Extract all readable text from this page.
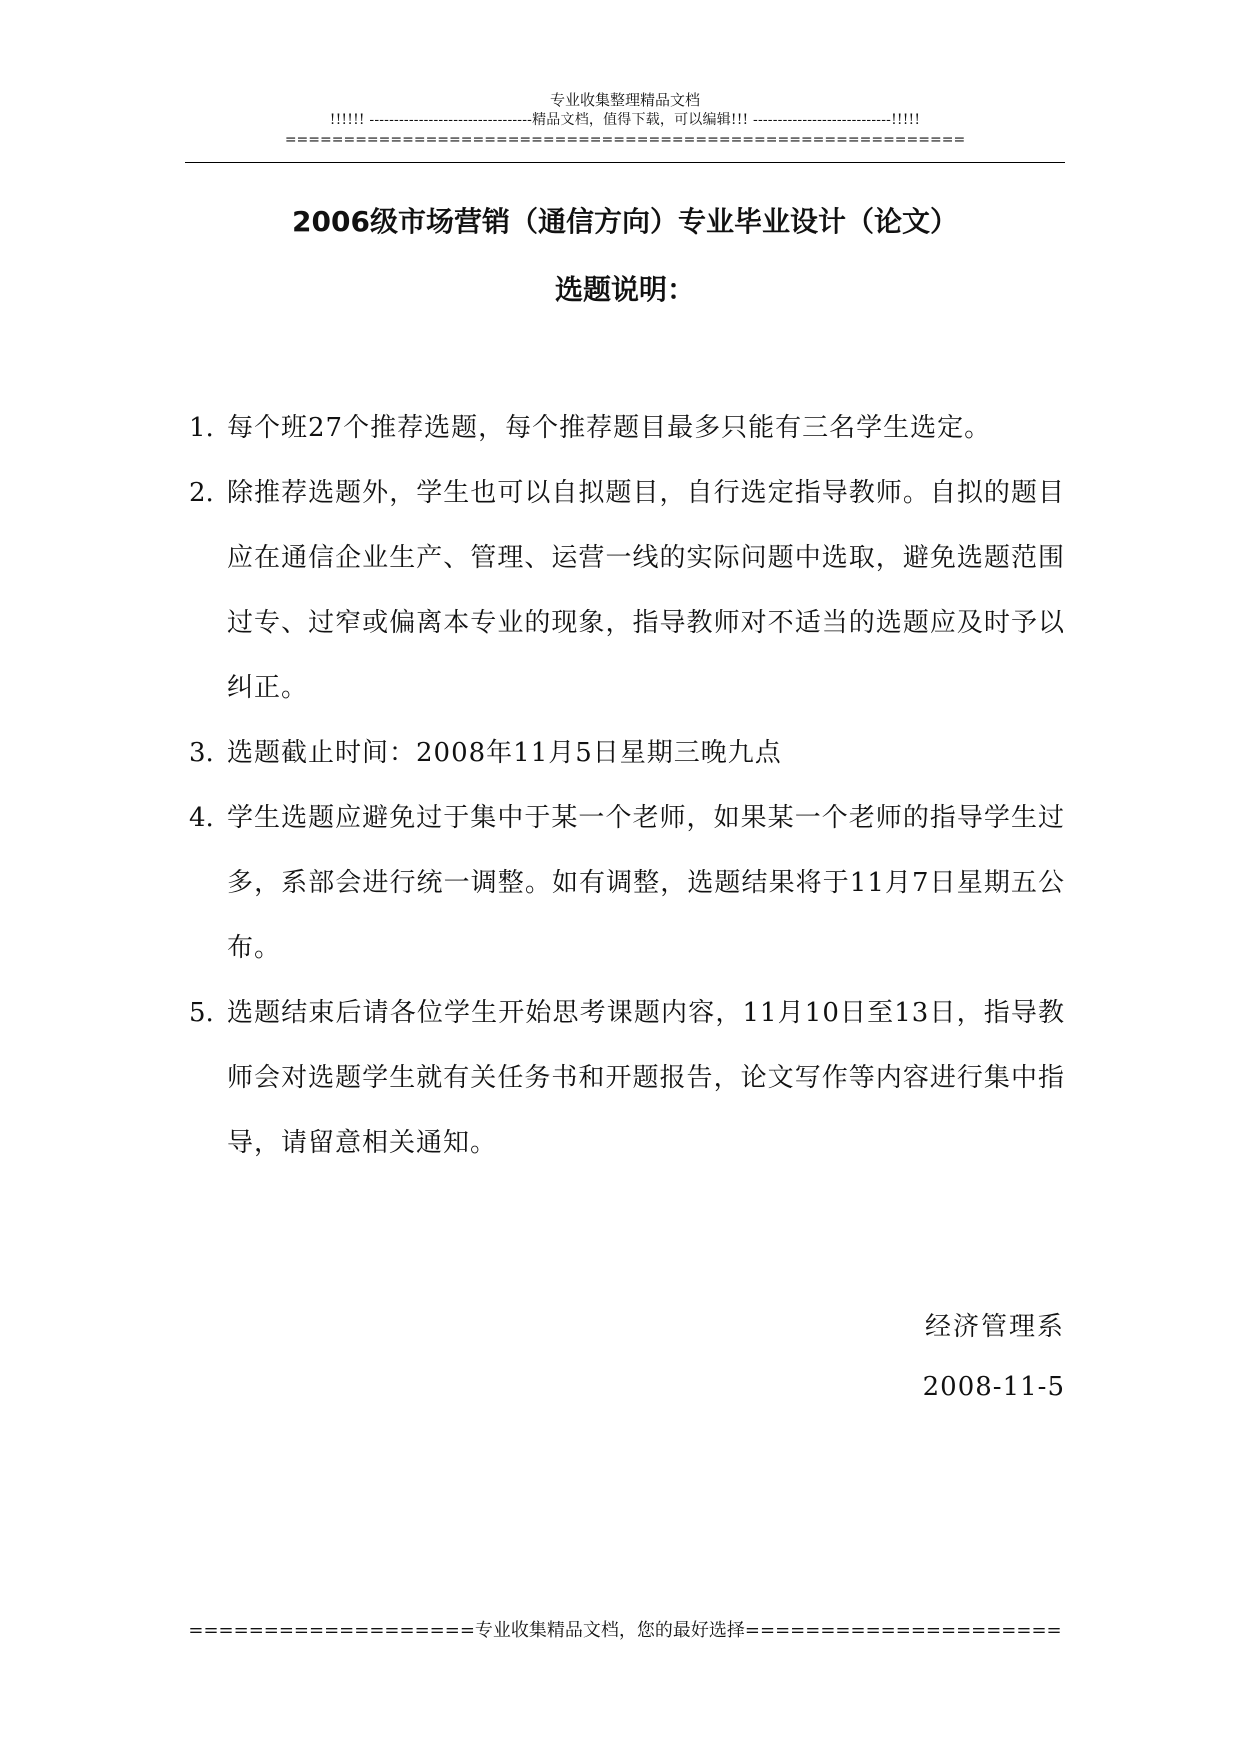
专业收集整理精品文档
!!!!!! ---------------------------------精品文档，值得下载，可以编辑!!! ----------------------------!!!!!
==========================================================
2006级市场营销（通信方向）专业毕业设计（论文）
选题说明：
1. 每个班27个推荐选题，每个推荐题目最多只能有三名学生选定。
2. 除推荐选题外，学生也可以自拟题目，自行选定指导教师。自拟的题目应在通信企业生产、管理、运营一线的实际问题中选取，避免选题范围过专、过窄或偏离本专业的现象，指导教师对不适当的选题应及时予以纠正。
3. 选题截止时间：2008年11月5日星期三晚九点
4. 学生选题应避免过于集中于某一个老师，如果某一个老师的指导学生过多，系部会进行统一调整。如有调整，选题结果将于11月7日星期五公布。
5. 选题结束后请各位学生开始思考课题内容，11月10日至13日，指导教师会对选题学生就有关任务书和开题报告，论文写作等内容进行集中指导，请留意相关通知。
经济管理系
2008-11-5
===================专业收集精品文档，您的最好选择=====================
